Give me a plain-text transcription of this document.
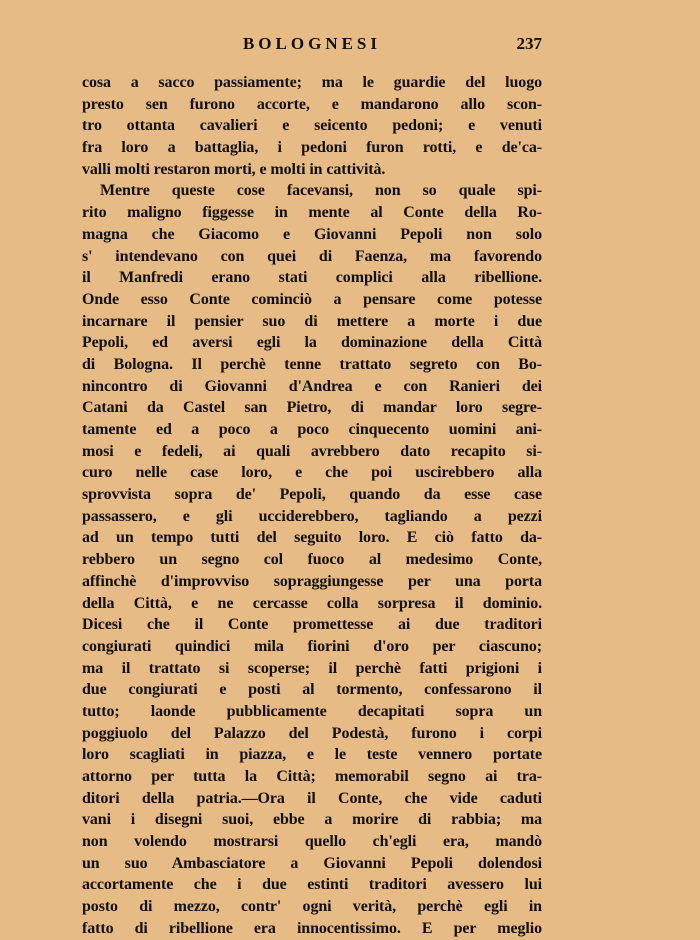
BOLOGNESI	237
cosa a sacco passiamente; ma le guardie del luogo
presto sen furono accorte, e mandarono allo scon-
tro ottanta cavalieri e seicento pedoni; e venuti
fra loro a battaglia, i pedoni furon rotti, e de'ca-
valli molti restaron morti, e molti in cattività.
Mentre queste cose facevansi, non so quale spi-
rito maligno figgesse in mente al Conte della Ro-
magna che Giacomo e Giovanni Pepoli non solo
s' intendevano con quei di Faenza, ma favorendo
il Manfredi erano stati complici alla ribellione.
Onde esso Conte cominciò a pensare come potesse
incarnare il pensier suo di mettere a morte i due
Pepoli, ed aversi egli la dominazione della Città
di Bologna. Il perchè tenne trattato segreto con Bo-
nincontro di Giovanni d'Andrea e con Ranieri dei
Catani da Castel san Pietro, di mandar loro segre-
tamente ed a poco a poco cinquecento uomini ani-
mosi e fedeli, ai quali avrebbero dato recapito si-
curo nelle case loro, e che poi uscirebbero alla
sprovvista sopra de' Pepoli, quando da esse case
passassero, e gli ucciderebbero, tagliando a pezzi
ad un tempo tutti del seguito loro. E ciò fatto da-
rebbero un segno col fuoco al medesimo Conte,
affinchè d'improvviso sopraggiungesse per una porta
della Città, e ne cercasse colla sorpresa il dominio.
Dicesi che il Conte promettesse ai due traditori
congiurati quindici mila fiorini d'oro per ciascuno;
ma il trattato si scoperse; il perchè fatti prigioni i
due congiurati e posti al tormento, confessarono il
tutto; laonde pubblicamente decapitati sopra un
poggiuolo del Palazzo del Podestà, furono i corpi
loro scagliati in piazza, e le teste vennero portate
attorno per tutta la Città; memorabil segno ai tra-
ditori della patria.—Ora il Conte, che vide caduti
vani i disegni suoi, ebbe a morire di rabbia; ma
non volendo mostrarsi quello ch'egli era, mandò
un suo Ambasciatore a Giovanni Pepoli dolendosi
accortamente che i due estinti traditori avessero lui
posto di mezzo, contr' ogni verità, perchè egli in
fatto di ribellione era innocentissimo. E per meglio
